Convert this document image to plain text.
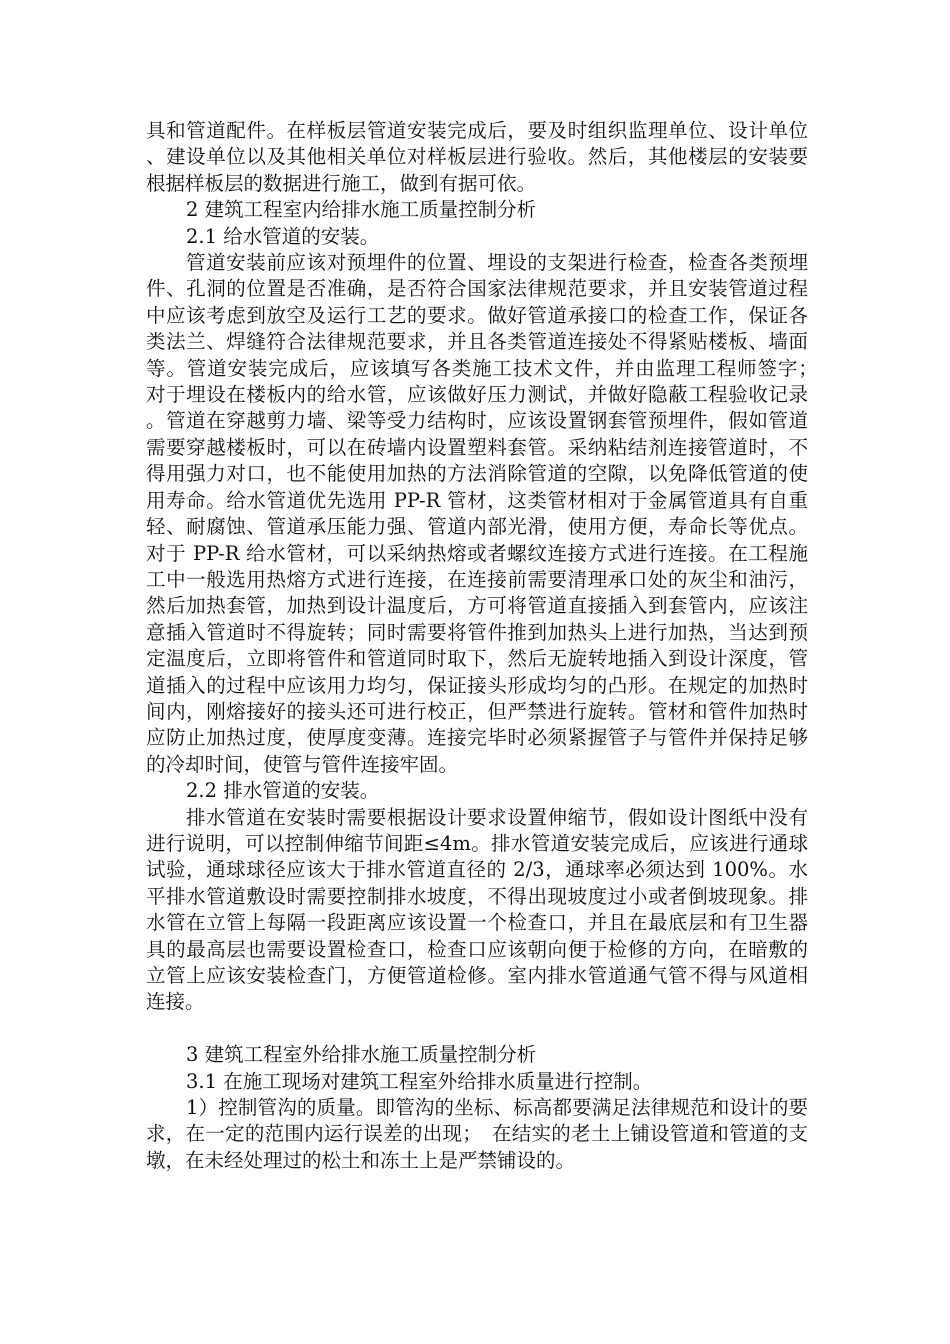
具和管道配件。在样板层管道安装完成后，要及时组织监理单位、设计单位、建设单位以及其他相关单位对样板层进行验收。然后，其他楼层的安装要根据样板层的数据进行施工，做到有据可依。

2 建筑工程室内给排水施工质量控制分析

2.1 给水管道的安装。

管道安装前应该对预埋件的位置、埋设的支架进行检查，检查各类预埋件、孔洞的位置是否准确，是否符合国家法律规范要求，并且安装管道过程中应该考虑到放空及运行工艺的要求。做好管道承接口的检查工作，保证各类法兰、焊缝符合法律规范要求，并且各类管道连接处不得紧贴楼板、墙面等。管道安装完成后，应该填写各类施工技术文件，并由监理工程师签字；　对于埋设在楼板内的给水管，应该做好压力测试，并做好隐蔽工程验收记录。管道在穿越剪力墙、梁等受力结构时，应该设置钢套管预埋件，假如管道需要穿越楼板时，可以在砖墙内设置塑料套管。采纳粘结剂连接管道时，不得用强力对口，也不能使用加热的方法消除管道的空隙，以免降低管道的使用寿命。给水管道优先选用 PP-R 管材，这类管材相对于金属管道具有自重轻、耐腐蚀、管道承压能力强、管道内部光滑，使用方便，寿命长等优点。对于 PP-R 给水管材，可以采纳热熔或者螺纹连接方式进行连接。在工程施工中一般选用热熔方式进行连接，在连接前需要清理承口处的灰尘和油污，然后加热套管，加热到设计温度后，方可将管道直接插入到套管内，应该注意插入管道时不得旋转；同时需要将管件推到加热头上进行加热，当达到预定温度后，立即将管件和管道同时取下，然后无旋转地插入到设计深度，管道插入的过程中应该用力均匀，保证接头形成均匀的凸形。在规定的加热时间内，刚熔接好的接头还可进行校正，但严禁进行旋转。管材和管件加热时应防止加热过度，使厚度变薄。连接完毕时必须紧握管子与管件并保持足够的冷却时间，使管与管件连接牢固。

2.2 排水管道的安装。

排水管道在安装时需要根据设计要求设置伸缩节，假如设计图纸中没有进行说明，可以控制伸缩节间距≤4m。排水管道安装完成后，应该进行通球试验，通球球径应该大于排水管道直径的 2/3，通球率必须达到 100%。水平排水管道敷设时需要控制排水坡度，不得出现坡度过小或者倒坡现象。排水管在立管上每隔一段距离应该设置一个检查口，并且在最底层和有卫生器具的最高层也需要设置检查口，检查口应该朝向便于检修的方向，在暗敷的立管上应该安装检查门，方便管道检修。室内排水管道通气管不得与风道相连接。

3 建筑工程室外给排水施工质量控制分析

3.1 在施工现场对建筑工程室外给排水质量进行控制。

1）控制管沟的质量。即管沟的坐标、标高都要满足法律规范和设计的要求，在一定的范围内运行误差的出现；　在结实的老土上铺设管道和管道的支墩，在未经处理过的松土和冻土上是严禁铺设的。
